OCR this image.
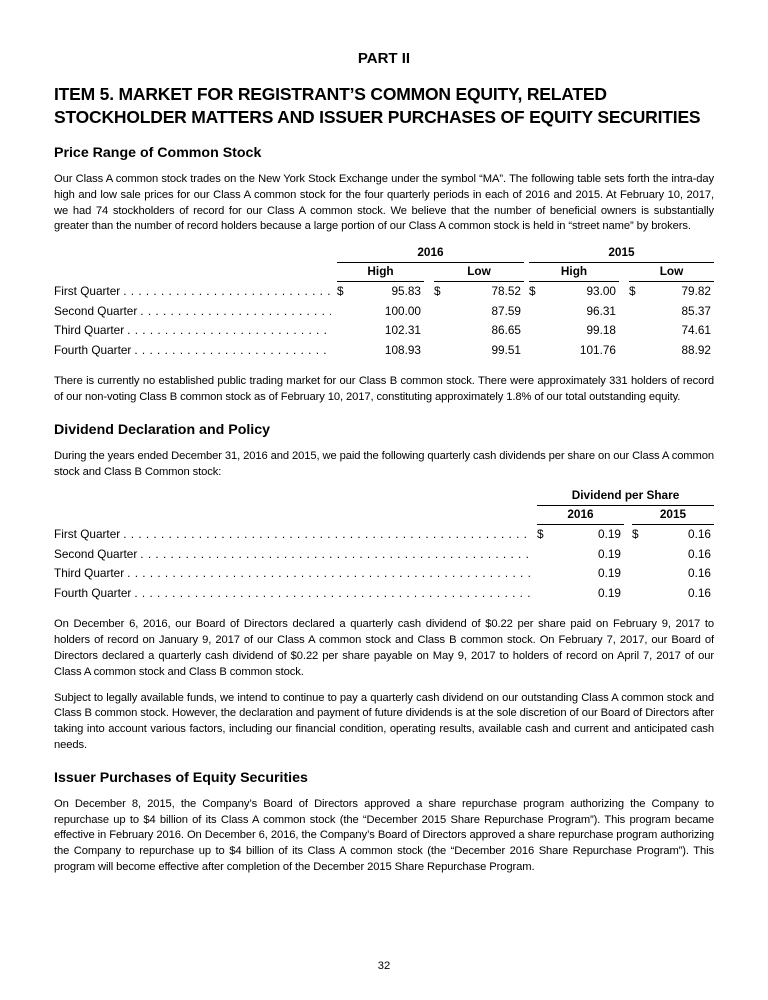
PART II
ITEM 5. MARKET FOR REGISTRANT’S COMMON EQUITY, RELATED STOCKHOLDER MATTERS AND ISSUER PURCHASES OF EQUITY SECURITIES
Price Range of Common Stock

Our Class A common stock trades on the New York Stock Exchange under the symbol “MA”. The following table sets forth the intra-day high and low sale prices for our Class A common stock for the four quarterly periods in each of 2016 and 2015. At February 10, 2017, we had 74 stockholders of record for our Class A common stock. We believe that the number of beneficial owners is substantially greater than the number of record holders because a large portion of our Class A common stock is held in “street name” by brokers.

2016	2015
High	Low	High	Low
First Quarter . . .	$	95.83 $	78.52 $	93.00 $	79.82
Second Quarter . . .	100.00	87.59	96.31	85.37
Third Quarter . . .	102.31	86.65	99.18	74.61
Fourth Quarter . . .	108.93	99.51	101.76	88.92

There is currently no established public trading market for our Class B common stock. There were approximately 331 holders of record of our non-voting Class B common stock as of February 10, 2017, constituting approximately 1.8% of our total outstanding equity.

Dividend Declaration and Policy

During the years ended December 31, 2016 and 2015, we paid the following quarterly cash dividends per share on our Class A common stock and Class B Common stock:

Dividend per Share
2016	2015
First Quarter . . .	$	0.19 $	0.16
Second Quarter . . .	0.19	0.16
Third Quarter . . .	0.19	0.16
Fourth Quarter . . .	0.19	0.16

On December 6, 2016, our Board of Directors declared a quarterly cash dividend of $0.22 per share paid on February 9, 2017 to holders of record on January 9, 2017 of our Class A common stock and Class B common stock. On February 7, 2017, our Board of Directors declared a quarterly cash dividend of $0.22 per share payable on May 9, 2017 to holders of record on April 7, 2017 of our Class A common stock and Class B common stock.

Subject to legally available funds, we intend to continue to pay a quarterly cash dividend on our outstanding Class A common stock and Class B common stock. However, the declaration and payment of future dividends is at the sole discretion of our Board of Directors after taking into account various factors, including our financial condition, operating results, available cash and current and anticipated cash needs.

Issuer Purchases of Equity Securities

On December 8, 2015, the Company’s Board of Directors approved a share repurchase program authorizing the Company to repurchase up to $4 billion of its Class A common stock (the “December 2015 Share Repurchase Program”). This program became effective in February 2016. On December 6, 2016, the Company’s Board of Directors approved a share repurchase program authorizing the Company to repurchase up to $4 billion of its Class A common stock (the “December 2016 Share Repurchase Program”). This program will become effective after completion of the December 2015 Share Repurchase Program.

32
